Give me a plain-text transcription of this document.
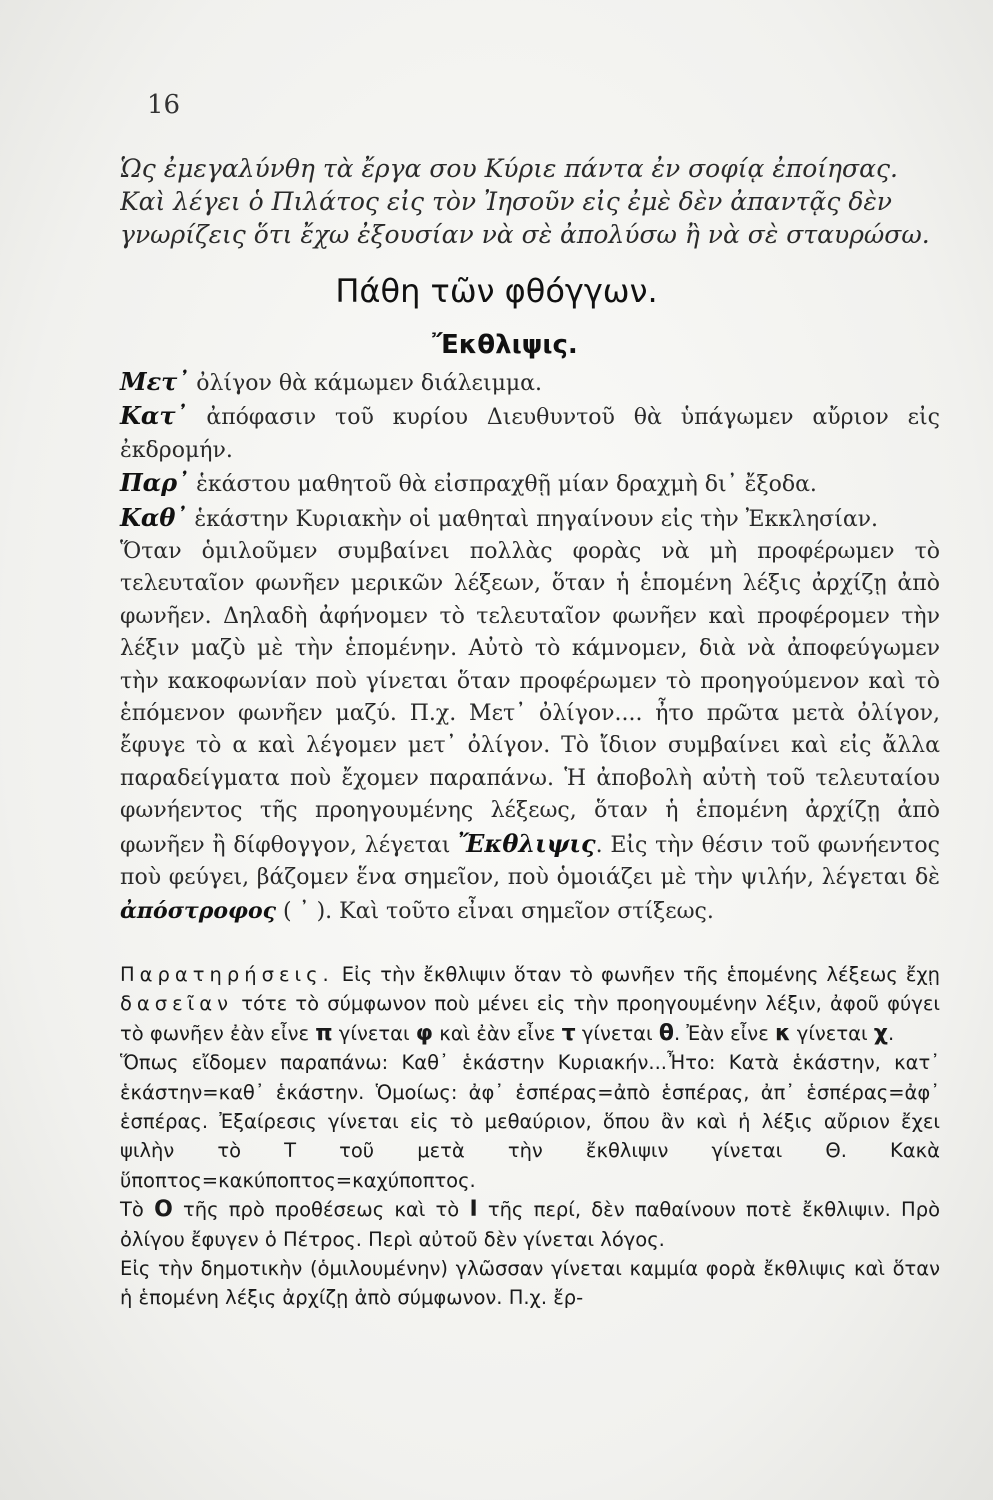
16
Ὡς ἐμεγαλύνθη τὰ ἔργα σου Κύριε πάντα ἐν σοφίᾳ ἐποίησας.
Καὶ λέγει ὁ Πιλάτος εἰς τὸν Ἰησοῦν εἰς ἐμὲ δὲν ἀπαντᾷς δὲν
γνωρίζεις ὅτι ἔχω ἐξουσίαν νὰ σὲ ἀπολύσω ἢ νὰ σὲ σταυρώσω.
Πάθη τῶν φθόγγων.
Ἔκθλιψις.

Μετ᾽ ὀλίγον θὰ κάμωμεν διάλειμμα.

Κατ᾽ ἀπόφασιν τοῦ κυρίου Διευθυντοῦ θὰ ὑπάγωμεν αὔριον εἰς ἐκδρομήν.

Παρ᾽ ἑκάστου μαθητοῦ θὰ εἰσπραχθῇ μίαν δραχμὴ δι᾽ ἔξοδα.

Καθ᾽ ἑκάστην Κυριακὴν οἱ μαθηταὶ πηγαίνουν εἰς τὴν Ἐκκλησίαν.

Ὅταν ὁμιλοῦμεν συμβαίνει πολλὰς φορὰς νὰ μὴ προφέρωμεν τὸ τελευταῖον φωνῆεν μερικῶν λέξεων, ὅταν ἡ ἑπομένη λέξις ἀρχίζῃ ἀπὸ φωνῆεν. Δηλαδὴ ἀφήνομεν τὸ τελευταῖον φωνῆεν καὶ προφέρομεν τὴν λέξιν μαζὺ μὲ τὴν ἑπομένην. Αὐτὸ τὸ κάμνομεν, διὰ νὰ ἀποφεύγωμεν τὴν κακοφωνίαν ποὺ γίνεται ὅταν προφέρωμεν τὸ προηγούμενον καὶ τὸ ἑπόμενον φωνῆεν μαζύ. Π.χ. Μετ᾽ ὀλίγον.... ἦτο πρῶτα μετὰ ὀλίγον, ἔφυγε τὸ α καὶ λέγομεν μετ᾽ ὀλίγον. Τὸ ἴδιον συμβαίνει καὶ εἰς ἄλλα παραδείγματα ποὺ ἔχομεν παραπάνω. Ἡ ἀποβολὴ αὐτὴ τοῦ τελευταίου φωνήεντος τῆς προηγουμένης λέξεως, ὅταν ἡ ἑπομένη ἀρχίζῃ ἀπὸ φωνῆεν ἢ δίφθογγον, λέγεται Ἔκθλιψις. Εἰς τὴν θέσιν τοῦ φωνήεντος ποὺ φεύγει, βάζομεν ἕνα σημεῖον, ποὺ ὁμοιάζει μὲ τὴν ψιλήν, λέγεται δὲ ἀπόστροφος ( ᾽ ). Καὶ τοῦτο εἶναι σημεῖον στίξεως.

Παρατηρήσεις. Εἰς τὴν ἔκθλιψιν ὅταν τὸ φωνῆεν τῆς ἑπομένης λέξεως ἔχῃ δασεῖαν τότε τὸ σύμφωνον ποὺ μένει εἰς τὴν προηγουμένην λέξιν, ἀφοῦ φύγει τὸ φωνῆεν ἐὰν εἶνε π γίνεται φ καὶ ἐὰν εἶνε τ γίνεται θ. Ἐὰν εἶνε κ γίνεται χ.

Ὅπως εἴδομεν παραπάνω: Καθ᾽ ἑκάστην Κυριακήν...Ἦτο: Κατὰ ἑκάστην, κατ᾽ ἑκάστην=καθ᾽ ἑκάστην. Ὁμοίως: ἀφ᾽ ἑσπέρας=ἀπὸ ἑσπέρας, ἀπ᾽ ἑσπέρας=ἀφ᾽ ἑσπέρας. Ἐξαίρεσις γίνεται εἰς τὸ μεθαύριον, ὅπου ἂν καὶ ἡ λέξις αὔριον ἔχει ψιλὴν τὸ Τ τοῦ μετὰ τὴν ἔκθλιψιν γίνεται Θ. Κακὰ ὕποπτος=κακύποπτος=καχύποπτος.

Τὸ Ο τῆς πρὸ προθέσεως καὶ τὸ Ι τῆς περί, δὲν παθαίνουν ποτὲ ἔκθλιψιν. Πρὸ ὀλίγου ἔφυγεν ὁ Πέτρος. Περὶ αὐτοῦ δὲν γίνεται λόγος.

Εἰς τὴν δημοτικὴν (ὁμιλουμένην) γλῶσσαν γίνεται καμμία φορὰ ἔκθλιψις καὶ ὅταν ἡ ἑπομένη λέξις ἀρχίζῃ ἀπὸ σύμφωνον. Π.χ. ἔρ-
